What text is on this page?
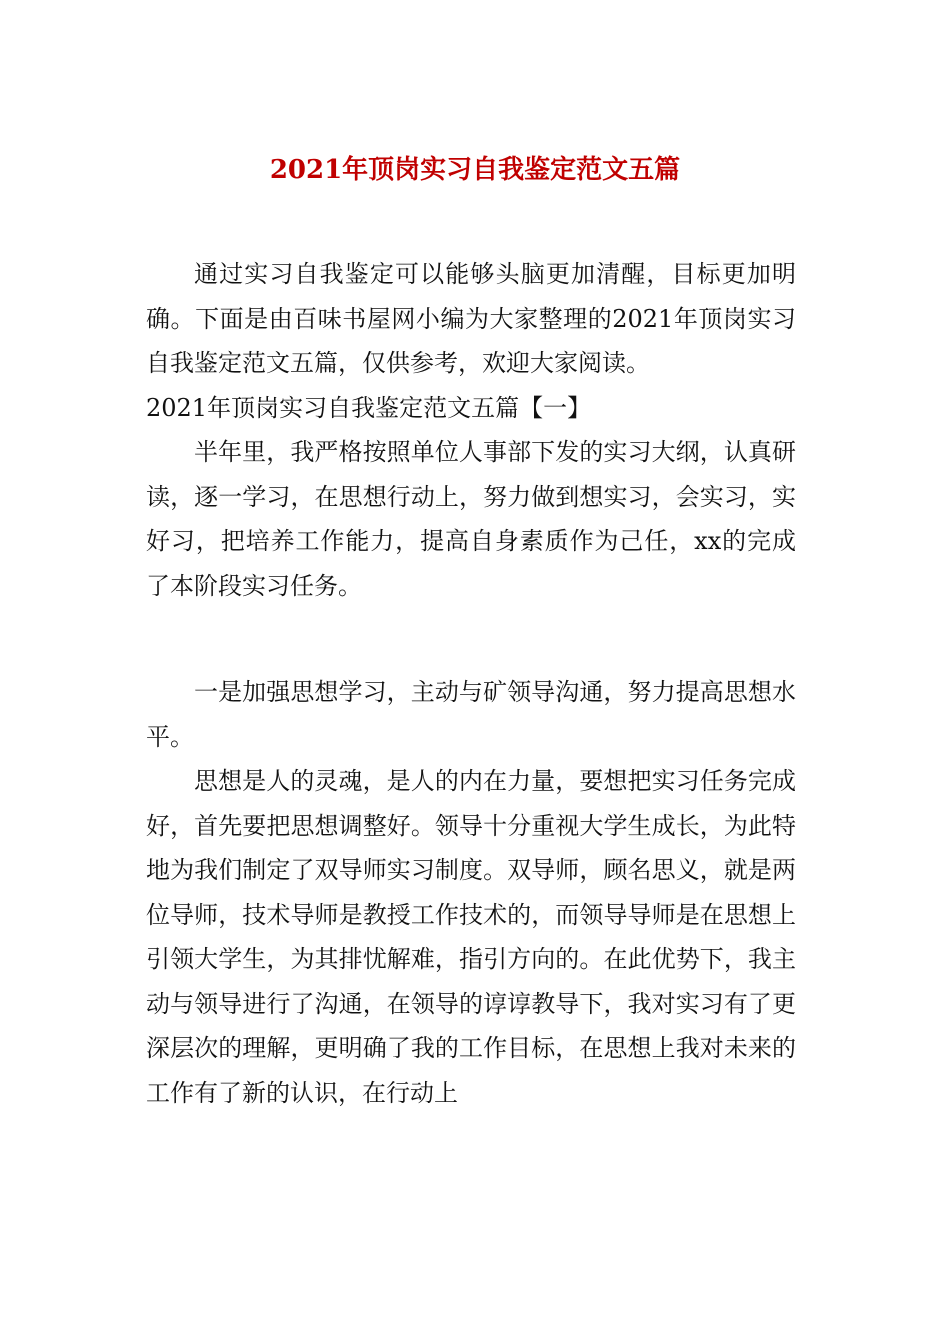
2021年顶岗实习自我鉴定范文五篇

通过实习自我鉴定可以能够头脑更加清醒，目标更加明确。下面是由百味书屋网小编为大家整理的2021年顶岗实习自我鉴定范文五篇，仅供参考，欢迎大家阅读。

2021年顶岗实习自我鉴定范文五篇【一】

半年里，我严格按照单位人事部下发的实习大纲，认真研读，逐一学习，在思想行动上，努力做到想实习，会实习，实好习，把培养工作能力，提高自身素质作为己任，xx的完成了本阶段实习任务。

一是加强思想学习，主动与矿领导沟通，努力提高思想水平。

思想是人的灵魂，是人的内在力量，要想把实习任务完成好，首先要把思想调整好。领导十分重视大学生成长，为此特地为我们制定了双导师实习制度。双导师，顾名思义，就是两位导师，技术导师是教授工作技术的，而领导导师是在思想上引领大学生，为其排忧解难，指引方向的。在此优势下，我主动与领导进行了沟通，在领导的谆谆教导下，我对实习有了更深层次的理解，更明确了我的工作目标，在思想上我对未来的工作有了新的认识，在行动上
